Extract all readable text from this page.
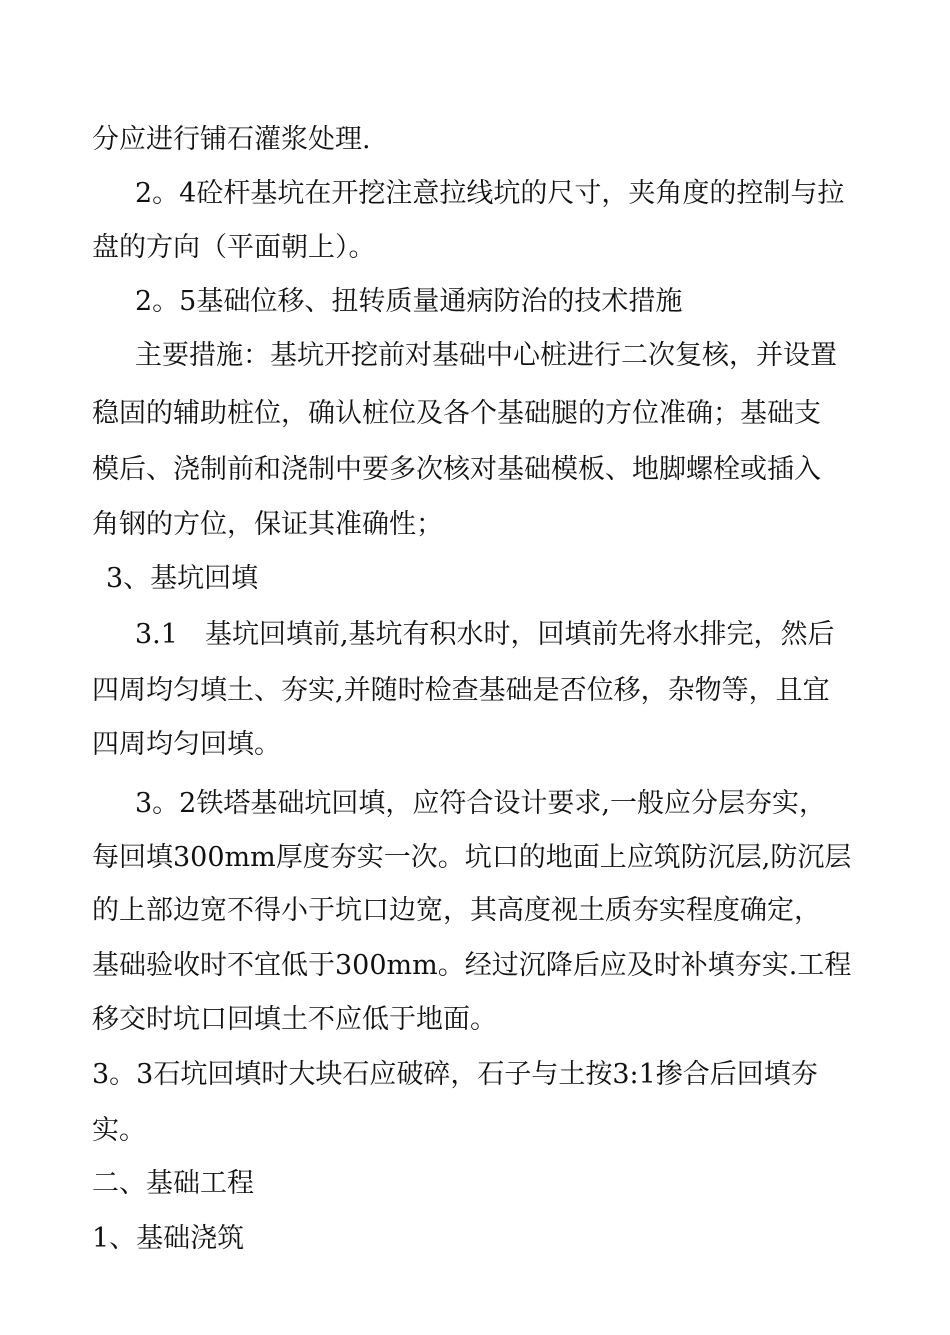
分应进行铺石灌浆处理.
2。4砼杆基坑在开挖注意拉线坑的尺寸，夹角度的控制与拉
盘的方向（平面朝上）。
2。5基础位移、扭转质量通病防治的技术措施
主要措施：基坑开挖前对基础中心桩进行二次复核，并设置
稳固的辅助桩位，确认桩位及各个基础腿的方位准确；基础支
模后、浇制前和浇制中要多次核对基础模板、地脚螺栓或插入
角钢的方位，保证其准确性；
3、基坑回填
3.1　基坑回填前,基坑有积水时，回填前先将水排完，然后
四周均匀填土、夯实,并随时检查基础是否位移，杂物等，且宜
四周均匀回填。
3。2铁塔基础坑回填，应符合设计要求,一般应分层夯实，
每回填300mm厚度夯实一次。坑口的地面上应筑防沉层,防沉层
的上部边宽不得小于坑口边宽，其高度视土质夯实程度确定，
基础验收时不宜低于300mm。经过沉降后应及时补填夯实.工程
移交时坑口回填土不应低于地面。
3。3石坑回填时大块石应破碎，石子与土按3:1掺合后回填夯
实。
二、基础工程
1、基础浇筑
